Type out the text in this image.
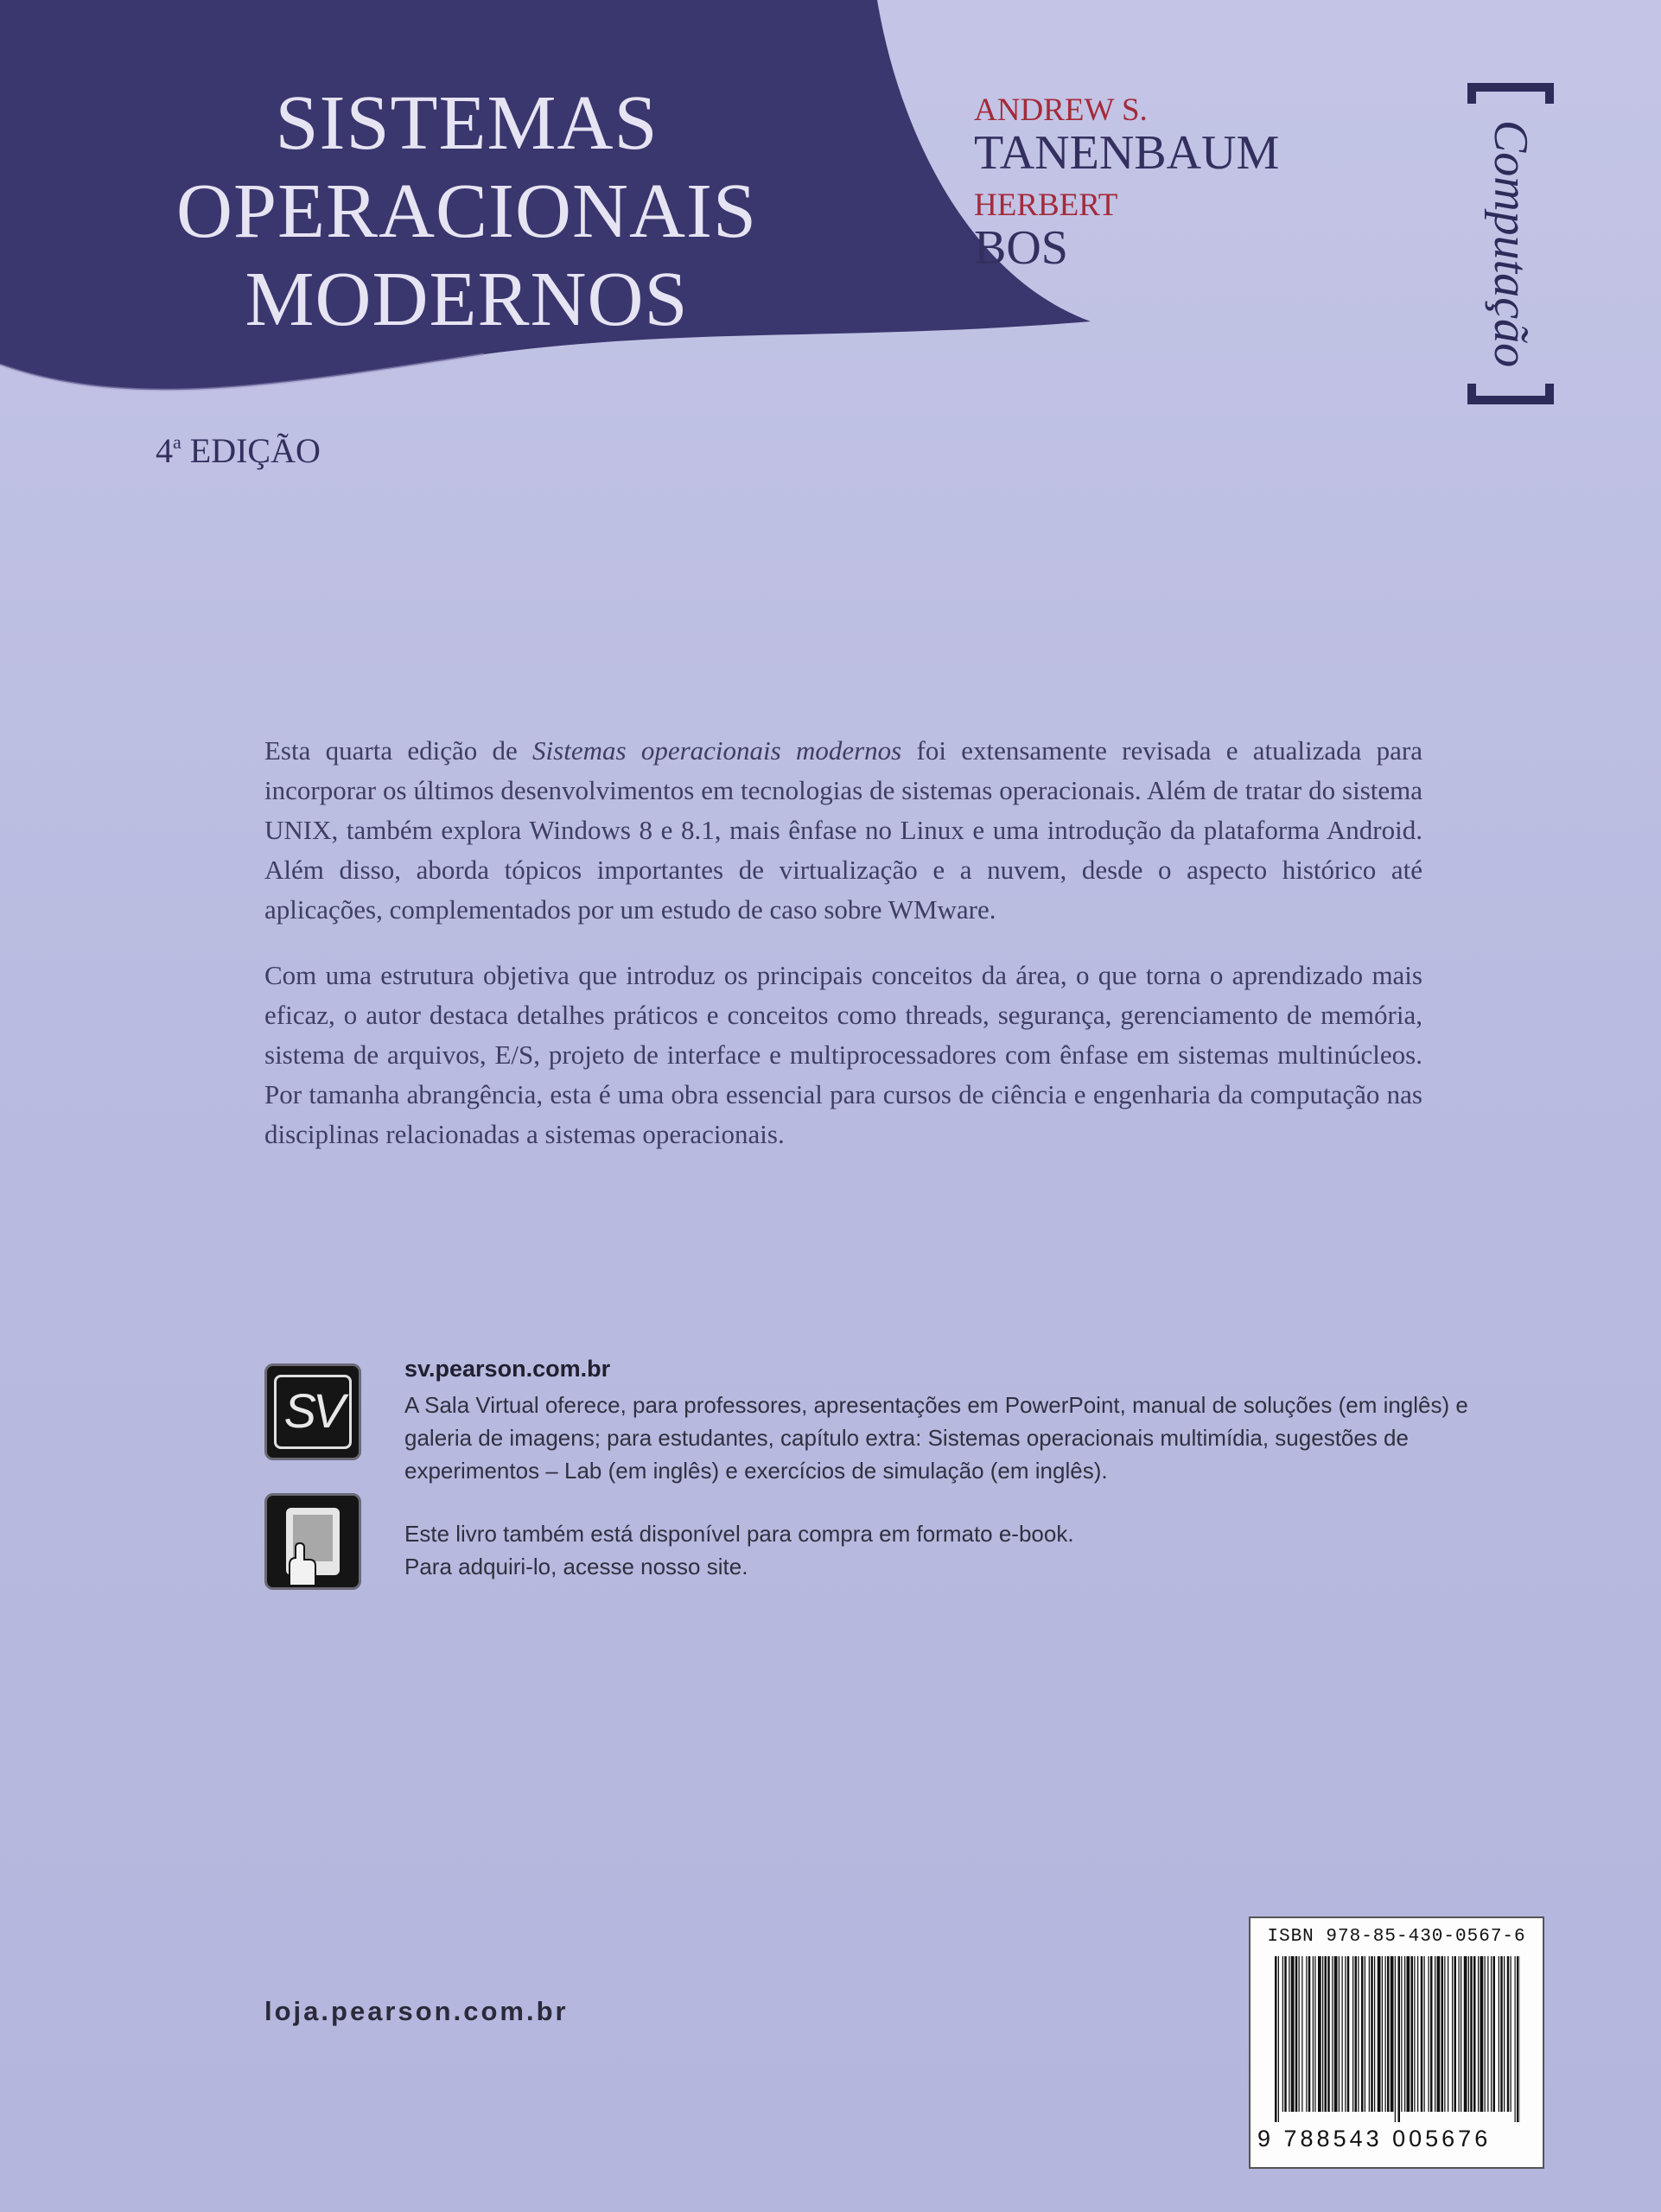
SISTEMAS
OPERACIONAIS
MODERNOS
ANDREW S.
TANENBAUM
HERBERT
BOS

4$^a$ EDIÇÃO

Computação

Esta quarta edição de Sistemas operacionais modernos foi extensamente revisada e atualizada para incorporar os últimos desenvolvimentos em tecnologias de sistemas operacionais. Além de tratar do sistema UNIX, também explora Windows 8 e 8.1, mais ênfase no Linux e uma introdução da plataforma Android. Além disso, aborda tópicos importantes de virtualização e a nuvem, desde o aspecto histórico até aplicações, complementados por um estudo de caso sobre WMware.

Com uma estrutura objetiva que introduz os principais conceitos da área, o que torna o aprendizado mais eficaz, o autor destaca detalhes práticos e conceitos como threads, segurança, gerenciamento de memória, sistema de arquivos, E/S, projeto de interface e multiprocessadores com ênfase em sistemas multinúcleos. Por tamanha abrangência, esta é uma obra essencial para cursos de ciência e engenharia da computação nas disciplinas relacionadas a sistemas operacionais.

SV

sv.pearson.com.br

A Sala Virtual oferece, para professores, apresentações em PowerPoint, manual de soluções (em inglês) e galeria de imagens; para estudantes, capítulo extra: Sistemas operacionais multimídia, sugestões de experimentos – Lab (em inglês) e exercícios de simulação (em inglês).

Este livro também está disponível para compra em formato e-book.

Para adquiri-lo, acesse nosso site.

loja.pearson.com.br

ISBN 978-85-430-0567-6
9 788543 005676
